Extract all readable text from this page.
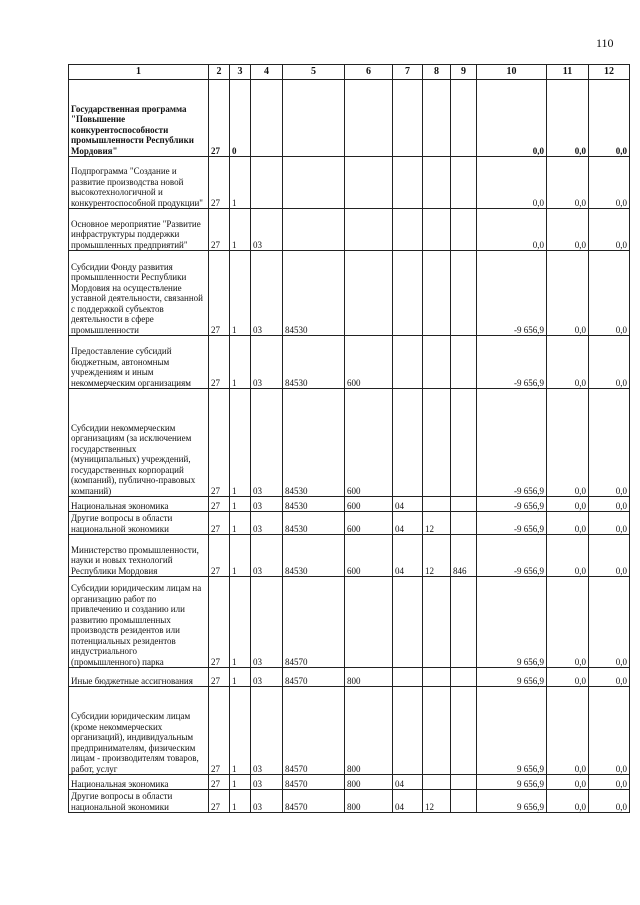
110
1	2	3	4	5	6	7	8	9	10	11	12
Государственная программа "Повышение конкурентоспособности промышленности Республики Мордовия"	27	0							0,0	0,0	0,0
Подпрограмма "Создание и развитие производства новой высокотехнологичной и конкурентоспособной продукции"	27	1							0,0	0,0	0,0
Основное мероприятие "Развитие инфраструктуры поддержки промышленных предприятий"	27	1	03						0,0	0,0	0,0
Субсидии Фонду развития промышленности Республики Мордовия на осуществление уставной деятельности, связанной с поддержкой субъектов деятельности в сфере промышленности	27	1	03	84530					-9 656,9	0,0	0,0
Предоставление субсидий бюджетным, автономным учреждениям и иным некоммерческим организациям	27	1	03	84530	600				-9 656,9	0,0	0,0
Субсидии некоммерческим организациям (за исключением государственных (муниципальных) учреждений, государственных корпораций (компаний), публично-правовых компаний)	27	1	03	84530	600				-9 656,9	0,0	0,0
Национальная экономика	27	1	03	84530	600	04			-9 656,9	0,0	0,0
Другие вопросы в области национальной экономики	27	1	03	84530	600	04	12		-9 656,9	0,0	0,0
Министерство промышленности, науки и новых технологий Республики Мордовия	27	1	03	84530	600	04	12	846	-9 656,9	0,0	0,0
Субсидии юридическим лицам на организацию работ по привлечению и созданию или развитию промышленных производств резидентов или потенциальных резидентов индустриального (промышленного) парка	27	1	03	84570					9 656,9	0,0	0,0
Иные бюджетные ассигнования	27	1	03	84570	800				9 656,9	0,0	0,0
Субсидии юридическим лицам (кроме некоммерческих организаций), индивидуальным предпринимателям, физическим лицам - производителям товаров, работ, услуг	27	1	03	84570	800				9 656,9	0,0	0,0
Национальная экономика	27	1	03	84570	800	04			9 656,9	0,0	0,0
Другие вопросы в области национальной экономики	27	1	03	84570	800	04	12		9 656,9	0,0	0,0
